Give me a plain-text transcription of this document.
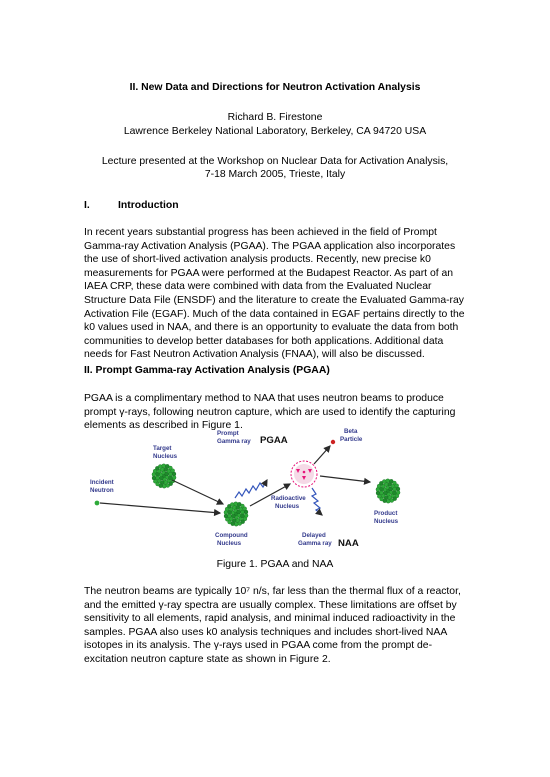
II. New Data and Directions for Neutron Activation Analysis
Richard B. Firestone
Lawrence Berkeley National Laboratory, Berkeley, CA 94720 USA
Lecture presented at the Workshop on Nuclear Data for Activation Analysis,
7-18 March 2005, Trieste, Italy
I.	Introduction
In recent years substantial progress has been achieved in the field of Prompt
Gamma-ray Activation Analysis (PGAA). The PGAA application also incorporates
the use of short-lived activation analysis products. Recently, new precise k0
measurements for PGAA were performed at the Budapest Reactor. As part of an
IAEA CRP, these data were combined with data from the Evaluated Nuclear
Structure Data File (ENSDF) and the literature to create the Evaluated Gamma-ray
Activation File (EGAF). Much of the data contained in EGAF pertains directly to the
k0 values used in NAA, and there is an opportunity to evaluate the data from both
communities to develop better databases for both applications. Additional data
needs for Fast Neutron Activation Analysis (FNAA), will also be discussed.
II. Prompt Gamma-ray Activation Analysis (PGAA)
PGAA is a complimentary method to NAA that uses neutron beams to produce
prompt γ-rays, following neutron capture, which are used to identify the capturing
elements as described in Figure 1.
Prompt
Gamma ray PGAA
Beta
Particle
Target
Nucleus
Incident
Neutron
Radioactive
Nucleus
Product
Nucleus
Compound
Nucleus
Delayed
Gamma ray NAA
Figure 1. PGAA and NAA
The neutron beams are typically 10⁷ n/s, far less than the thermal flux of a reactor,
and the emitted γ-ray spectra are usually complex. These limitations are offset by
sensitivity to all elements, rapid analysis, and minimal induced radioactivity in the
samples. PGAA also uses k0 analysis techniques and includes short-lived NAA
isotopes in its analysis. The γ-rays used in PGAA come from the prompt de-
excitation neutron capture state as shown in Figure 2.
